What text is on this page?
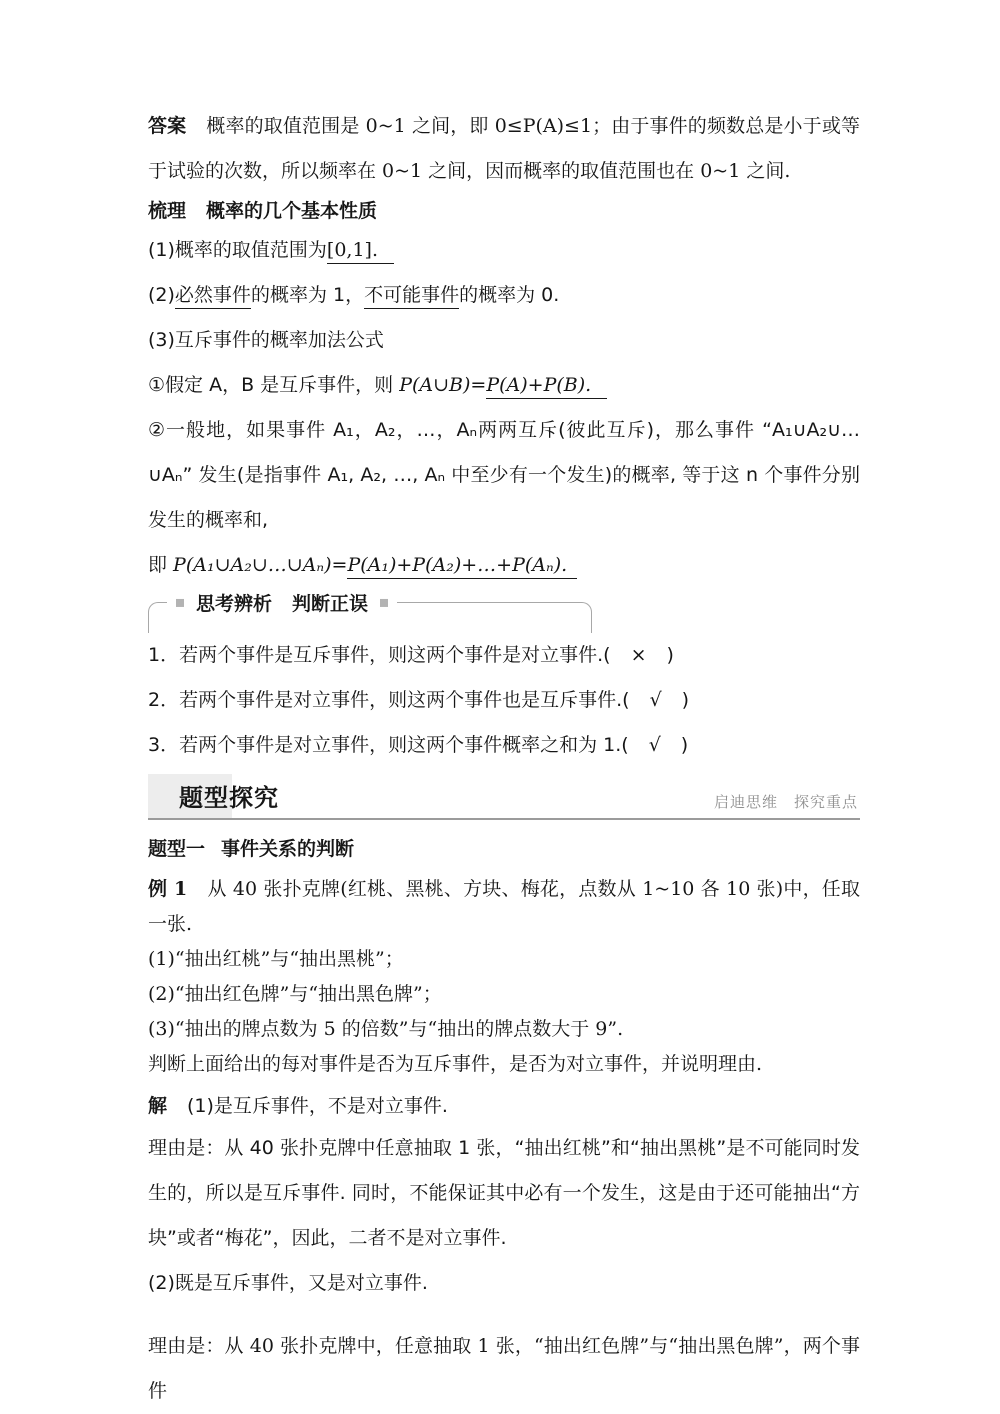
答案 概率的取值范围是 0~1 之间，即 0≤P(A)≤1；由于事件的频数总是小于或等于试验的次数，所以频率在 0~1 之间，因而概率的取值范围也在 0~1 之间.

梳理 概率的几个基本性质

(1)概率的取值范围为[0,1].

(2)必然事件的概率为 1，不可能事件的概率为 0.

(3)互斥事件的概率加法公式

①假定 A，B 是互斥事件，则 P(A∪B)=P(A)+P(B).

②一般地，如果事件 A₁，A₂，…，Aₙ两两互斥(彼此互斥)，那么事件 “A₁∪A₂∪…∪Aₙ” 发生(是指事件 A₁, A₂, …, Aₙ 中至少有一个发生)的概率, 等于这 n 个事件分别发生的概率和,

即 P(A₁∪A₂∪…∪Aₙ)=P(A₁)+P(A₂)+…+P(Aₙ).

思考辨析 判断正误

1．若两个事件是互斥事件，则这两个事件是对立事件.( × )

2．若两个事件是对立事件，则这两个事件也是互斥事件.( √ )

3．若两个事件是对立事件，则这两个事件概率之和为 1.( √ )

题型探究	启迪思维 探究重点

题型一 事件关系的判断

例 1 从 40 张扑克牌(红桃、黑桃、方块、梅花，点数从 1~10 各 10 张)中，任取一张.

(1)“抽出红桃”与“抽出黑桃”；

(2)“抽出红色牌”与“抽出黑色牌”；

(3)“抽出的牌点数为 5 的倍数”与“抽出的牌点数大于 9”.

判断上面给出的每对事件是否为互斥事件，是否为对立事件，并说明理由.

解 (1)是互斥事件，不是对立事件.

理由是：从 40 张扑克牌中任意抽取 1 张，“抽出红桃”和“抽出黑桃”是不可能同时发生的，所以是互斥事件. 同时，不能保证其中必有一个发生，这是由于还可能抽出“方块”或者“梅花”，因此，二者不是对立事件.

(2)既是互斥事件，又是对立事件.

理由是：从 40 张扑克牌中，任意抽取 1 张，“抽出红色牌”与“抽出黑色牌”，两个事件
